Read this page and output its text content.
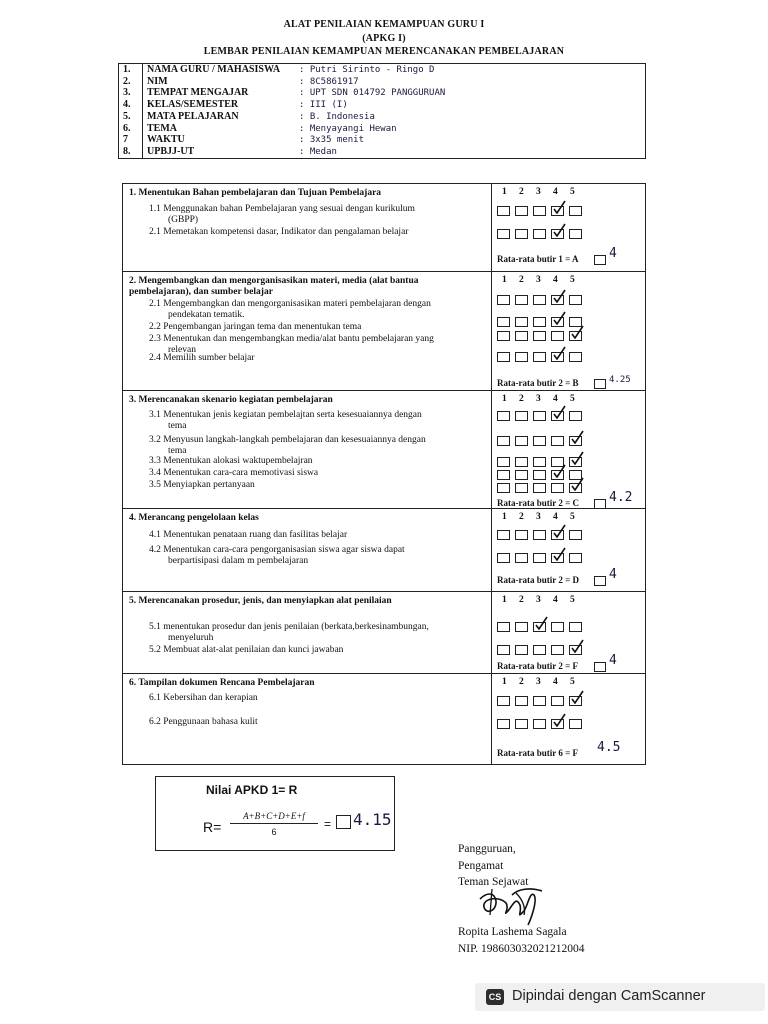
ALAT PENILAIAN KEMAMPUAN GURU I
(APKG I)
LEMBAR PENILAIAN KEMAMPUAN MERENCANAKAN PEMBELAJARAN
1. NAMA GURU / MAHASISWA : Putri Sirinto - Ringo D
2. NIM	: 8C5861917
3. TEMPAT MENGAJAR	: UPT SDN 014792 PANGGURUAN
4. KELAS/SEMESTER	: III (I)
5. MATA PELAJARAN	: B. Indonesia
6. TEMA	: Menyayangi Hewan
7 WAKTU	: 3x35 menit
8. UPBJJ-UT	: Medan
1. Menentukan Bahan pembelajaran dan Tujuan Pembelajara	1 2 3 4 5
1.1 Menggunakan bahan Pembelajaran yang sesuai dengan kurikulum
(GBPP)
2.1 Memetakan kompetensi dasar, Indikator dan pengalaman belajar
Rata-rata butir 1 = A 4
2. Mengembangkan dan mengorganisasikan materi, media (alat bantua
pembelajaran), dan sumber belajar
1 2 3 4 5
2.1 Mengembangkan dan mengorganisasikan materi pembelajaran dengan
pendekatan tematik.
2.2 Pengembangan jaringan tema dan menentukan tema
2.3 Menentukan dan mengembangkan media/alat bantu pembelajaran yang
relevan
2.4 Memilih sumber belajar
Rata-rata butir 2 = B	4.25
3. Merencanakan skenario kegiatan pembelajaran	1 2 3 4 5
3.1 Menentukan jenis kegiatan pembelajtan serta kesesuaiannya dengan
tema
3.2 Menyusun langkah-langkah pembelajaran dan kesesuaiannya dengan
tema
3.3 Menentukan alokasi waktupembelajran
3.4 Menentukan cara-cara memotivasi siswa
3.5 Menyiapkan pertanyaan
Rata-rata butir 2 = C 4.2
4. Merancang pengelolaan kelas	1 2 3 4 5
4.1 Menentukan penataan ruang dan fasilitas belajar
4.2 Menentukan cara-cara pengorganisasian siswa agar siswa dapat
berpartisipasi dalam m pembelajaran
Rata-rata butir 2 = D 4
5. Merencanakan prosedur, jenis, dan menyiapkan alat penilaian	1 2 3 4 5
5.1 menentukan prosedur dan jenis penilaian (berkata,berkesinambungan,
menyeluruh
5.2 Membuat alat-alat penilaian dan kunci jawaban
Rata-rata butir 2 = F 4
6. Tampilan dokumen Rencana Pembelajaran	1 2 3 4 5
6.1 Kebersihan dan kerapian
6.2 Penggunaan bahasa kulit
Rata-rata butir 6 = F 4.5
Nilai APKD 1= R
R=
A+B+C+D+E+f
6
= 4.15
Pangguruan,
Pengamat
Teman Sejawat
Ropita Lashema Sagala
NIP. 198603032021212004
CS Dipindai dengan CamScanner
